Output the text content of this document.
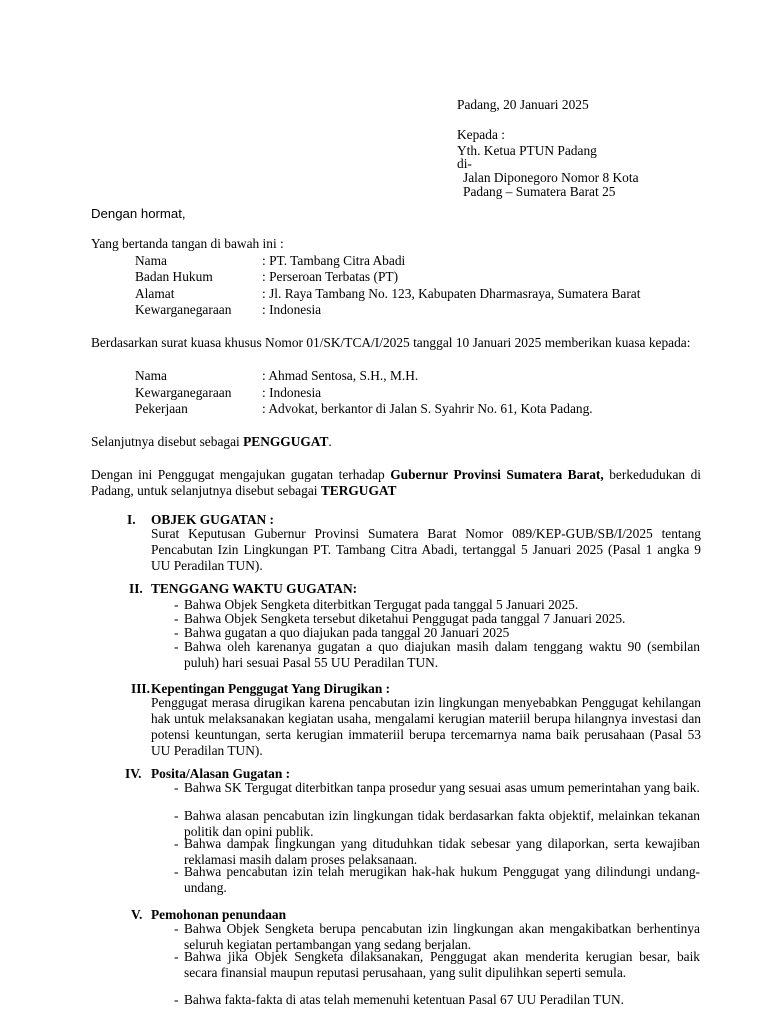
Padang, 20 Januari 2025
Kepada :
Yth. Ketua PTUN Padang
di-
Jalan Diponegoro Nomor 8 Kota
Padang – Sumatera Barat 25
Dengan hormat,
Yang bertanda tangan di bawah ini :
Nama	: PT. Tambang Citra Abadi
Badan Hukum	: Perseroan Terbatas (PT)
Alamat	: Jl. Raya Tambang No. 123, Kabupaten Dharmasraya, Sumatera Barat
Kewarganegaraan : Indonesia
Berdasarkan surat kuasa khusus Nomor 01/SK/TCA/I/2025 tanggal 10 Januari 2025 memberikan kuasa kepada:
Nama	: Ahmad Sentosa, S.H., M.H.
Kewarganegaraan : Indonesia
Pekerjaan	: Advokat, berkantor di Jalan S. Syahrir No. 61, Kota Padang.
Selanjutnya disebut sebagai PENGGUGAT.
Dengan ini Penggugat mengajukan gugatan terhadap Gubernur Provinsi Sumatera Barat, berkedudukan di Padang, untuk selanjutnya disebut sebagai TERGUGAT
I. OBJEK GUGATAN :
Surat Keputusan Gubernur Provinsi Sumatera Barat Nomor 089/KEP-GUB/SB/I/2025 tentang Pencabutan Izin Lingkungan PT. Tambang Citra Abadi, tertanggal 5 Januari 2025 (Pasal 1 angka 9 UU Peradilan TUN).
II. TENGGANG WAKTU GUGATAN:
- Bahwa Objek Sengketa diterbitkan Tergugat pada tanggal 5 Januari 2025.
- Bahwa Objek Sengketa tersebut diketahui Penggugat pada tanggal 7 Januari 2025.
- Bahwa gugatan a quo diajukan pada tanggal 20 Januari 2025
- Bahwa oleh karenanya gugatan a quo diajukan masih dalam tenggang waktu 90 (sembilan puluh) hari sesuai Pasal 55 UU Peradilan TUN.
III. Kepentingan Penggugat Yang Dirugikan :
Penggugat merasa dirugikan karena pencabutan izin lingkungan menyebabkan Penggugat kehilangan hak untuk melaksanakan kegiatan usaha, mengalami kerugian materiil berupa hilangnya investasi dan potensi keuntungan, serta kerugian immateriil berupa tercemarnya nama baik perusahaan (Pasal 53 UU Peradilan TUN).
IV. Posita/Alasan Gugatan :
- Bahwa SK Tergugat diterbitkan tanpa prosedur yang sesuai asas umum pemerintahan yang baik.
- Bahwa alasan pencabutan izin lingkungan tidak berdasarkan fakta objektif, melainkan tekanan politik dan opini publik.
- Bahwa dampak lingkungan yang dituduhkan tidak sebesar yang dilaporkan, serta kewajiban reklamasi masih dalam proses pelaksanaan.
- Bahwa pencabutan izin telah merugikan hak-hak hukum Penggugat yang dilindungi undang-undang.
V. Pemohonan penundaan
- Bahwa Objek Sengketa berupa pencabutan izin lingkungan akan mengakibatkan berhentinya seluruh kegiatan pertambangan yang sedang berjalan.
- Bahwa jika Objek Sengketa dilaksanakan, Penggugat akan menderita kerugian besar, baik secara finansial maupun reputasi perusahaan, yang sulit dipulihkan seperti semula.
- Bahwa fakta-fakta di atas telah memenuhi ketentuan Pasal 67 UU Peradilan TUN.
